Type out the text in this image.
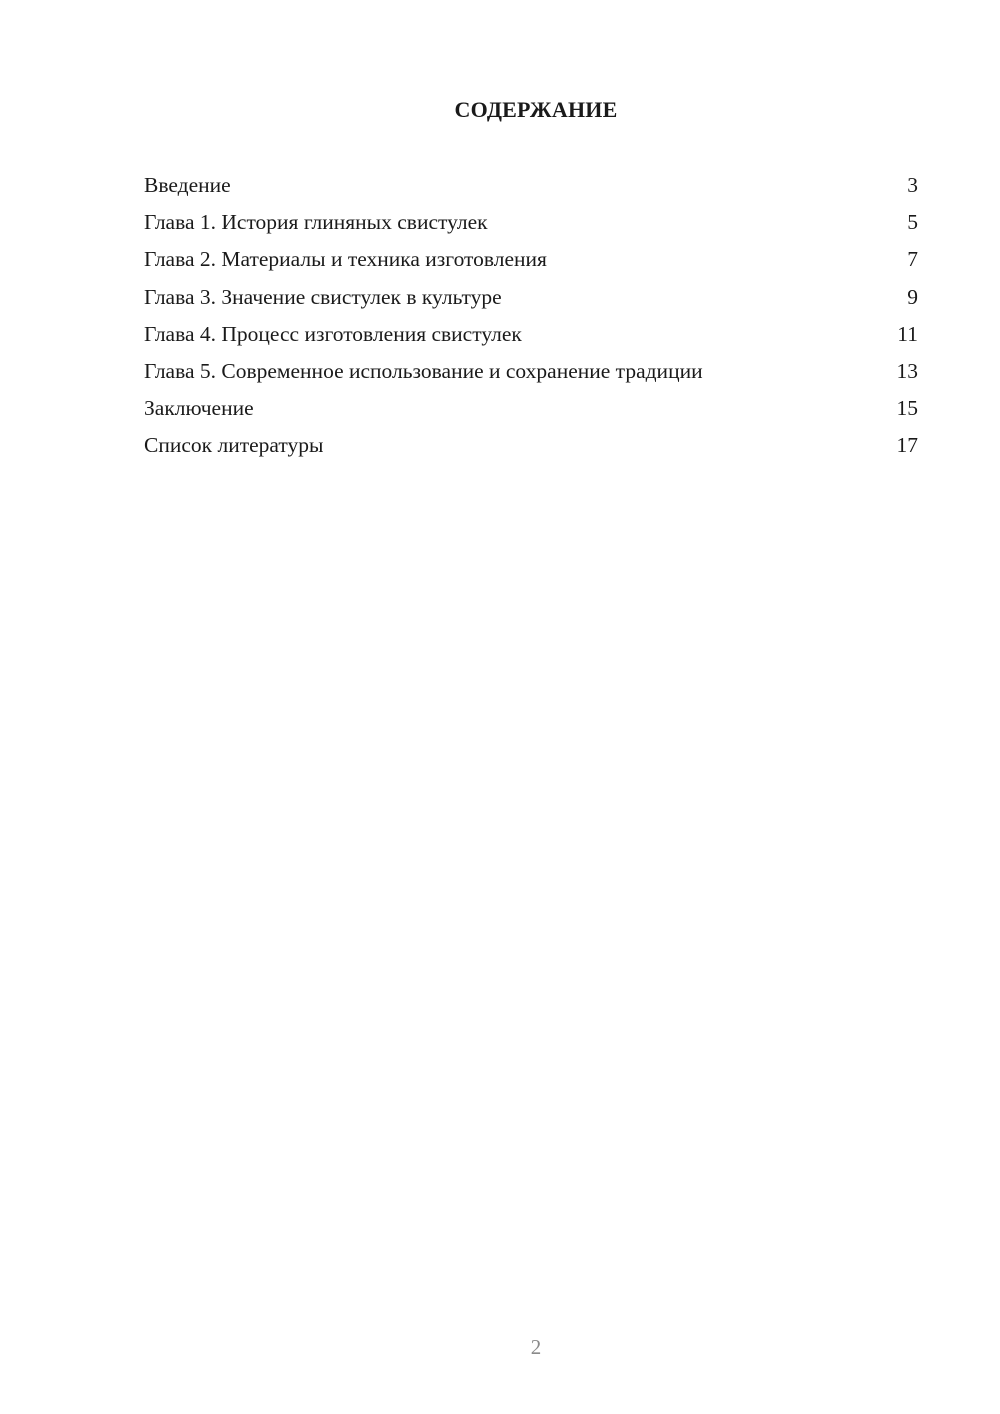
СОДЕРЖАНИЕ
Введение	3
Глава 1. История глиняных свистулек	5
Глава 2. Материалы и техника изготовления	7
Глава 3. Значение свистулек в культуре	9
Глава 4. Процесс изготовления свистулек	11
Глава 5. Современное использование и сохранение традиции	13
Заключение	15
Список литературы	17
2
